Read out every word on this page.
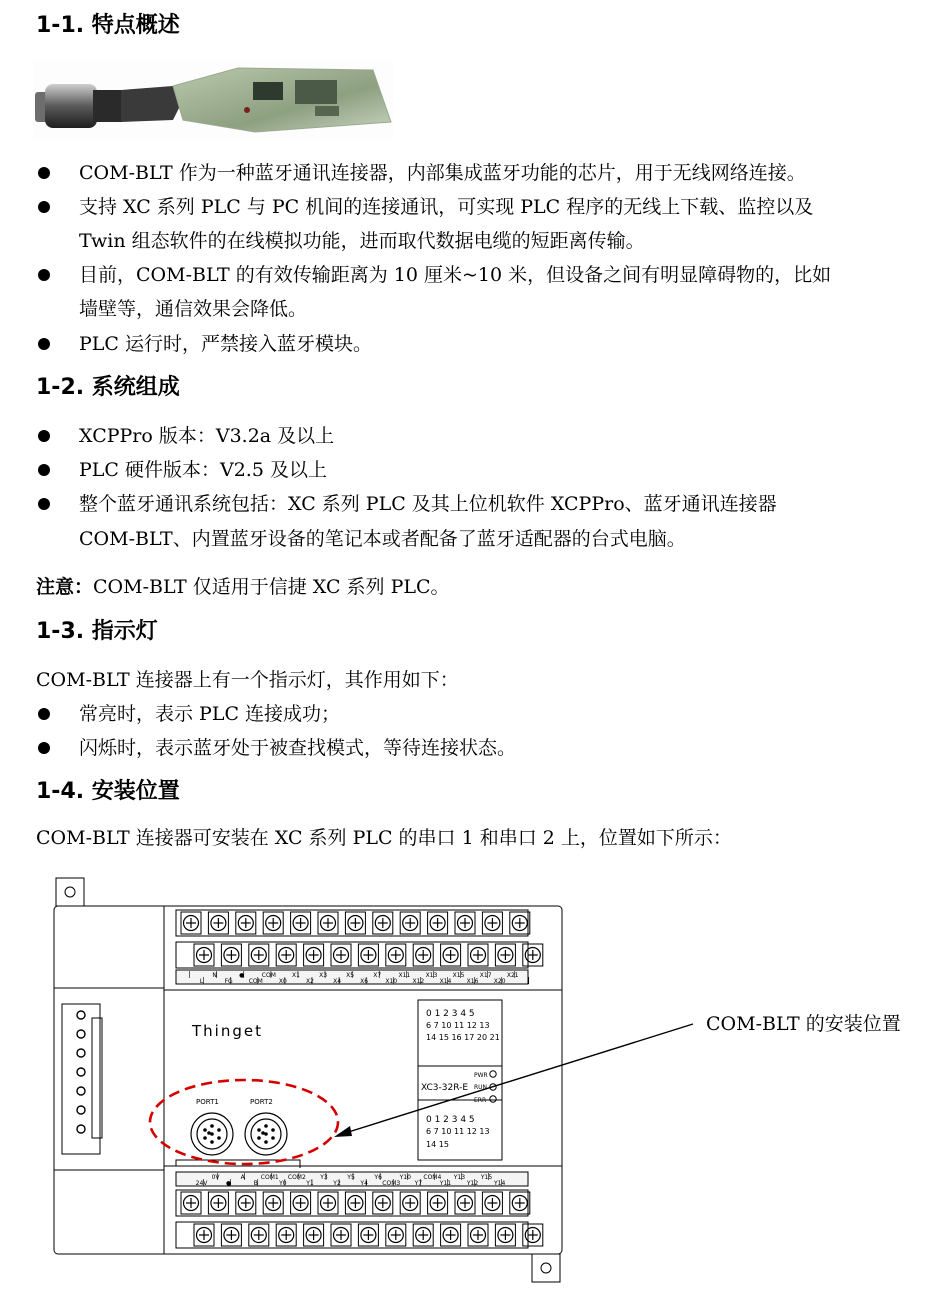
1-1. 特点概述
COM-BLT 作为一种蓝牙通讯连接器，内部集成蓝牙功能的芯片，用于无线网络连接。
支持 XC 系列 PLC 与 PC 机间的连接通讯，可实现 PLC 程序的无线上下载、监控以及
Twin 组态软件的在线模拟功能，进而取代数据电缆的短距离传输。
目前，COM-BLT 的有效传输距离为 10 厘米~10 米，但设备之间有明显障碍物的，比如
墙壁等，通信效果会降低。
PLC 运行时，严禁接入蓝牙模块。
1-2. 系统组成
XCPPro 版本：V3.2a 及以上
PLC 硬件版本：V2.5 及以上
整个蓝牙通讯系统包括：XC 系列 PLC 及其上位机软件 XCPPro、蓝牙通讯连接器
COM-BLT、内置蓝牙设备的笔记本或者配备了蓝牙适配器的台式电脑。
注意：COM-BLT 仅适用于信捷 XC 系列 PLC。
1-3. 指示灯
COM-BLT 连接器上有一个指示灯，其作用如下：
常亮时，表示 PLC 连接成功；
闪烁时，表示蓝牙处于被查找模式，等待连接状态。
1-4. 安装位置
COM-BLT 连接器可安装在 XC 系列 PLC 的串口 1 和串口 2 上，位置如下所示：
N	●	COM	X1	X3	X5	X7	X11	X13	X15	X17	X21
L	FG	COM	X0	X2	X4	X6	X10	X12	X14	X16	X20
0V	A	COM1 COM2 Y3	Y5	Y6	Y10 COM4 Y13	Y15
24V	●	B	Y0	Y1	Y2	Y4 COM3 Y7	Y11	Y12	Y14
Thinget
PORT1	PORT2
0 1 2 3 4 5
6 7 10 11 12 13
14 15 16 17 20 21
PWR
XC3-32R-E RUN
ERR
0 1 2 3 4 5
6 7 10 11 12 13
14 15
COM-BLT 的安装位置
